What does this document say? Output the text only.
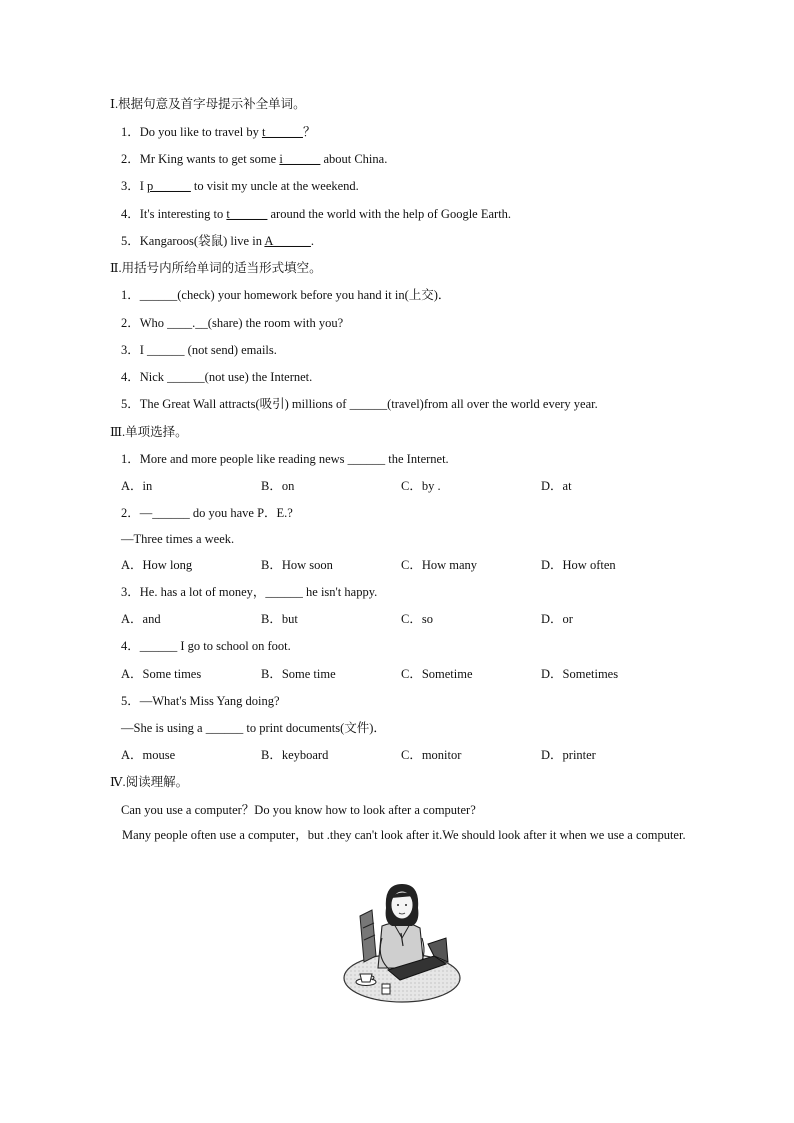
Ⅰ.根据句意及首字母提示补全单词。
1．Do you like to travel by t______？
2．Mr King wants to get some i______ about China.
3．I p______ to visit my uncle at the weekend.
4．It's interesting to t______ around the world with the help of Google Earth.
5．Kangaroos(袋鼠) live in A______.
Ⅱ.用括号内所给单词的适当形式填空。
1．______(check) your homework before you hand it in(上交)．
2．Who ____.__(share) the room with you?
3．I ______ (not send) emails.
4．Nick ______(not use) the Internet.
5．The Great Wall attracts(吸引) millions of ______(travel)from all over the world every year.
Ⅲ.单项选择。
1．More and more people like reading news ______ the Internet.
A．in	B．on	C．by .	D．at
2．—______ do you have P．E.?
—Three times a week.
A．How long	B．How soon	C．How many	D．How often
3．He. has a lot of money，______ he isn't happy.
A．and	B．but	C．so	D．or
4．______ I go to school on foot.
A．Some times	B．Some time	C．Sometime	D．Sometimes
5．—What's Miss Yang doing?
—She is using a ______ to print documents(文件)．
A．mouse	B．keyboard	C．monitor	D．printer
Ⅳ.阅读理解。
Can you use a computer？Do you know how to look after a computer?
Many people often use a computer，but .they can't look after it.We should look after it when we use a computer.
